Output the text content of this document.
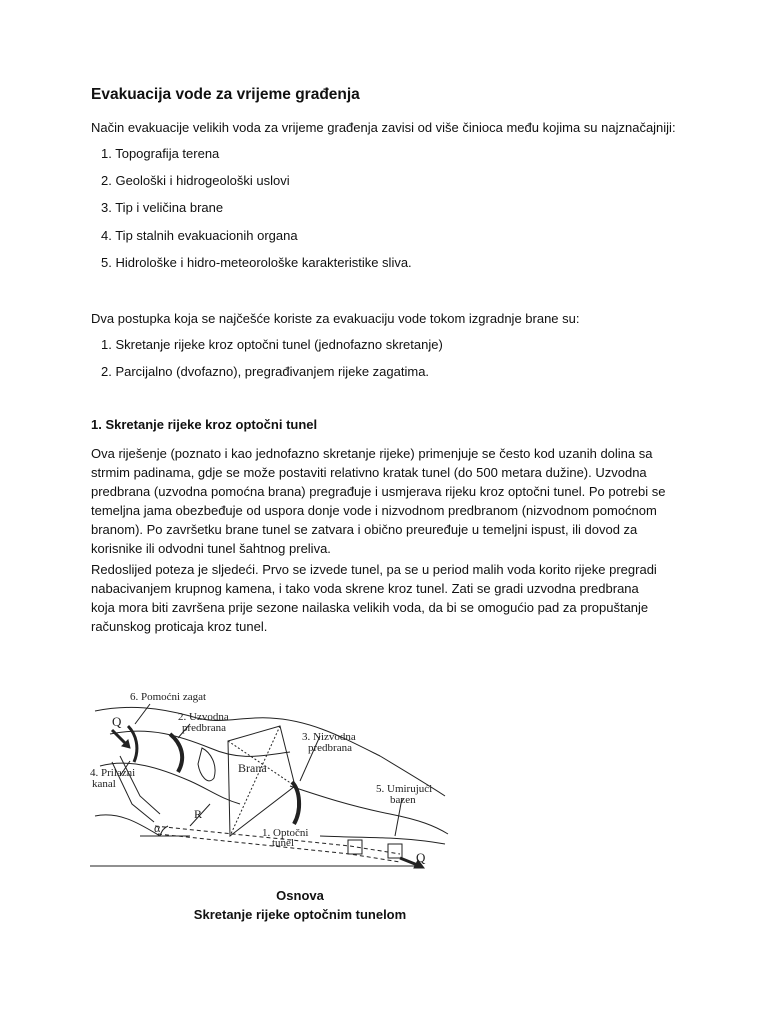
Evakuacija vode za vrijeme građenja
Način evakuacije velikih voda za vrijeme građenja zavisi od više činioca među kojima su najznačajniji:
1. Topografija terena
2. Geološki i hidrogeološki uslovi
3. Tip i veličina brane
4. Tip stalnih evakuacionih organa
5. Hidrološke i hidro-meteorološke karakteristike sliva.
Dva postupka koja se najčešće koriste za evakuaciju vode tokom izgradnje brane su:
1. Skretanje rijeke kroz optočni tunel (jednofazno skretanje)
2. Parcijalno (dvofazno), pregrađivanjem rijeke zagatima.
1. Skretanje rijeke kroz optočni tunel
Ova riješenje (poznato i kao jednofazno skretanje rijeke) primenjuje se često kod uzanih dolina sa
strmim padinama, gdje se može postaviti relativno kratak tunel (do 500 metara dužine). Uzvodna
predbrana (uzvodna pomoćna brana) pregrađuje i usmjerava rijeku kroz optočni tunel. Po potrebi se
temeljna jama obezbeđuje od uspora donje vode i nizvodnom predbranom (nizvodnom pomoćnom
branom). Po završetku brane tunel se zatvara i obično preuređuje u temeljni ispust, ili dovod za
korisnike ili odvodni tunel šahtnog preliva.
Redoslijed poteza je sljedeći. Prvo se izvede tunel, pa se u period malih voda korito rijeke pregradi
nabacivanjem krupnog kamena, i tako voda skrene kroz tunel. Zati se gradi uzvodna predbrana
koja mora biti završena prije sezone nailaska velikih voda, da bi se omogućio pad za propuštanje
računskog proticaja kroz tunel.
6. Pomoćni zagat
2. Uzvodna
predbrana
3. Nizvodna
predbrana
Brana
4. Prilazni
kanal	5. Umirujući
bazen
1. Optočni
tunel
Q
Q
R
α
Osnova
Skretanje rijeke optočnim tunelom
